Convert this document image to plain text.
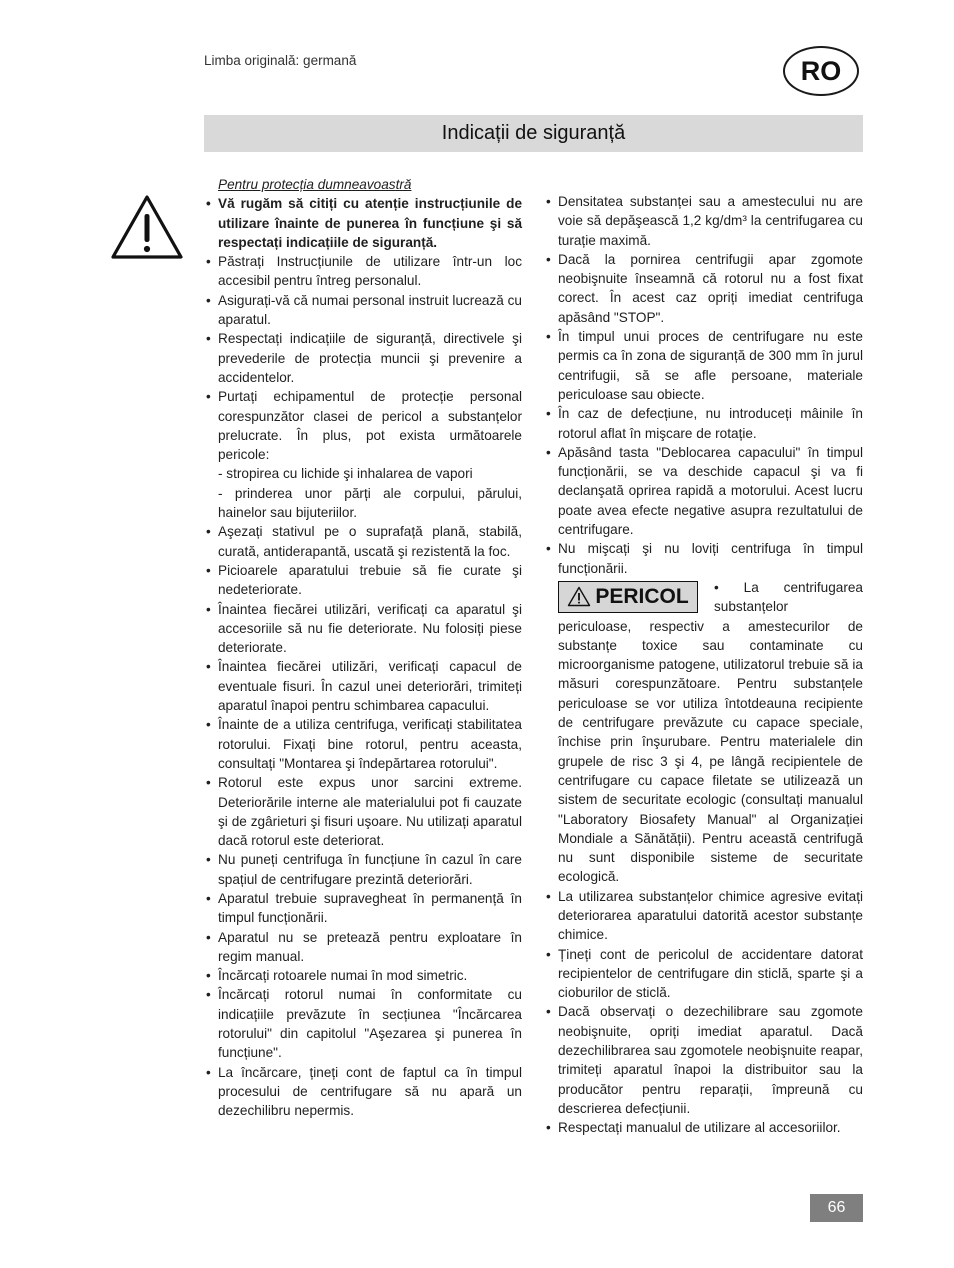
Limba originală: germană	RO
Indicații de siguranță
Pentru protecția dumneavoastră
• Vă rugăm să citiți cu atenție instrucțiunile de utilizare înainte de punerea în funcțiune şi să respectați indicațiile de siguranță.
• Păstrați Instrucțiunile de utilizare într-un loc accesibil pentru întreg personalul.
• Asigurați-vă că numai personal instruit lucrează cu aparatul.
• Respectați indicațiile de siguranță, directivele şi prevederile de protecția muncii şi prevenire a accidentelor.
• Purtați echipamentul de protecție personal corespunzător clasei de pericol a substanțelor prelucrate. În plus, pot exista următoarele pericole:
- stropirea cu lichide şi inhalarea de vapori
- prinderea unor părți ale corpului, părului, hainelor sau bijuteriilor.
• Aşezați stativul pe o suprafață plană, stabilă, curată, antiderapantă, uscată şi rezistentă la foc.
• Picioarele aparatului trebuie să fie curate şi nedeteriorate.
• Înaintea fiecărei utilizări, verificați ca aparatul şi accesoriile să nu fie deteriorate. Nu folosiți piese deteriorate.
• Înaintea fiecărei utilizări, verificați capacul de eventuale fisuri. În cazul unei deteriorări, trimiteți aparatul înapoi pentru schimbarea capacului.
• Înainte de a utiliza centrifuga, verificați stabilitatea rotorului. Fixați bine rotorul, pentru aceasta, consultați "Montarea şi îndepărtarea rotorului".
• Rotorul este expus unor sarcini extreme. Deteriorările interne ale materialului pot fi cauzate şi de zgârieturi şi fisuri uşoare. Nu utilizați aparatul dacă rotorul este deteriorat.
• Nu puneți centrifuga în funcțiune în cazul în care spațiul de centrifugare prezintă deteriorări.
• Aparatul trebuie supravegheat în permanență în timpul funcționării.
• Aparatul nu se pretează pentru exploatare în regim manual.
• Încărcați rotoarele numai în mod simetric.
• Încărcați rotorul numai în conformitate cu indicațiile prevăzute în secțiunea "Încărcarea rotorului" din capitolul "Aşezarea şi punerea în funcțiune".
• La încărcare, țineți cont de faptul ca în timpul procesului de centrifugare să nu apară un dezechilibru nepermis.
• Densitatea substanței sau a amestecului nu are voie să depăşească 1,2 kg/dm³ la centrifugarea cu turație maximă.
• Dacă la pornirea centrifugii apar zgomote neobişnuite înseamnă că rotorul nu a fost fixat corect. În acest caz opriți imediat centrifuga apăsând "STOP".
• În timpul unui proces de centrifugare nu este permis ca în zona de siguranță de 300 mm în jurul centrifugii, să se afle persoane, materiale periculoase sau obiecte.
• În caz de defecțiune, nu introduceți mâinile în rotorul aflat în mişcare de rotație.
• Apăsând tasta "Deblocarea capacului" în timpul funcționării, se va deschide capacul şi va fi declanşată oprirea rapidă a motorului. Acest lucru poate avea efecte negative asupra rezultatului de centrifugare.
• Nu mişcați şi nu loviți centrifuga în timpul funcționării.
PERICOL	• La centrifugarea substanțelor periculoase, respectiv a amestecurilor de substanțe toxice sau contaminate cu microorganisme patogene, utilizatorul trebuie să ia măsuri corespunzătoare. Pentru substanțele periculoase se vor utiliza întotdeauna recipiente de centrifugare prevăzute cu capace speciale, închise prin înşurubare. Pentru materialele din grupele de risc 3 şi 4, pe lângă recipientele de centrifugare cu capace filetate se utilizează un sistem de securitate ecologic (consultați manualul "Laboratory Biosafety Manual" al Organizației Mondiale a Sănătății). Pentru această centrifugă nu sunt disponibile sisteme de securitate ecologică.
• La utilizarea substanțelor chimice agresive evitați deteriorarea aparatului datorită acestor substanțe chimice.
• Țineți cont de pericolul de accidentare datorat recipientelor de centrifugare din sticlă, sparte şi a cioburilor de sticlă.
• Dacă observați o dezechilibrare sau zgomote neobişnuite, opriți imediat aparatul. Dacă dezechilibrarea sau zgomotele neobişnuite reapar, trimiteți aparatul înapoi la distribuitor sau la producător pentru reparații, împreună cu descrierea defecțiunii.
• Respectați manualul de utilizare al accesoriilor.
66
